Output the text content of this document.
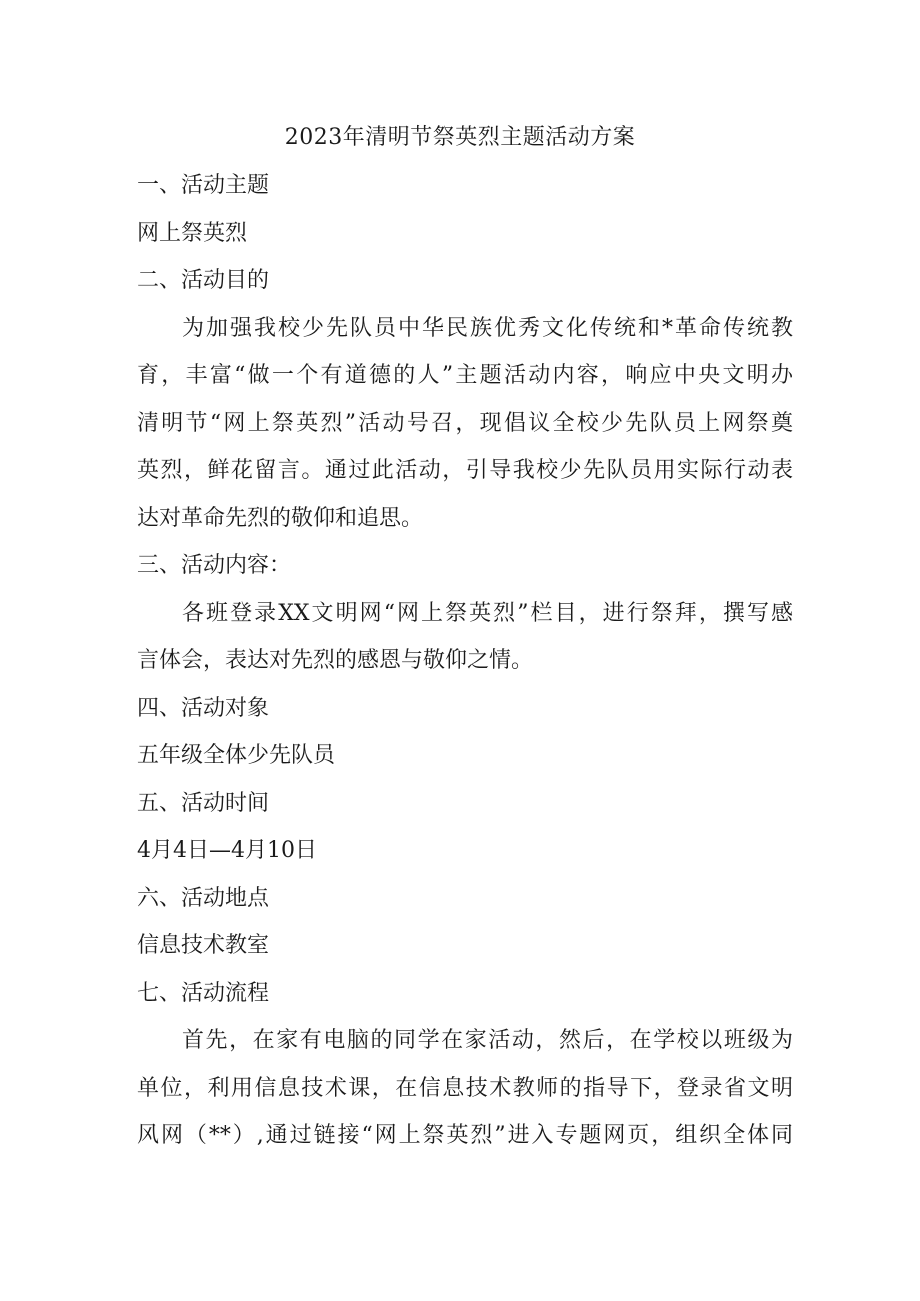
2023年清明节祭英烈主题活动方案

一、活动主题

网上祭英烈

二、活动目的

为加强我校少先队员中华民族优秀文化传统和*革命传统教
育，丰富“做一个有道德的人”主题活动内容，响应中央文明办
清明节“网上祭英烈”活动号召，现倡议全校少先队员上网祭奠
英烈，鲜花留言。通过此活动，引导我校少先队员用实际行动表
达对革命先烈的敬仰和追思。

三、活动内容：

各班登录XX文明网“网上祭英烈”栏目，进行祭拜，撰写感
言体会，表达对先烈的感恩与敬仰之情。

四、活动对象

五年级全体少先队员

五、活动时间

4月4日—4月10日

六、活动地点

信息技术教室

七、活动流程

首先，在家有电脑的同学在家活动，然后，在学校以班级为
单位，利用信息技术课，在信息技术教师的指导下，登录省文明
风网（**）,通过链接“网上祭英烈”进入专题网页，组织全体同
